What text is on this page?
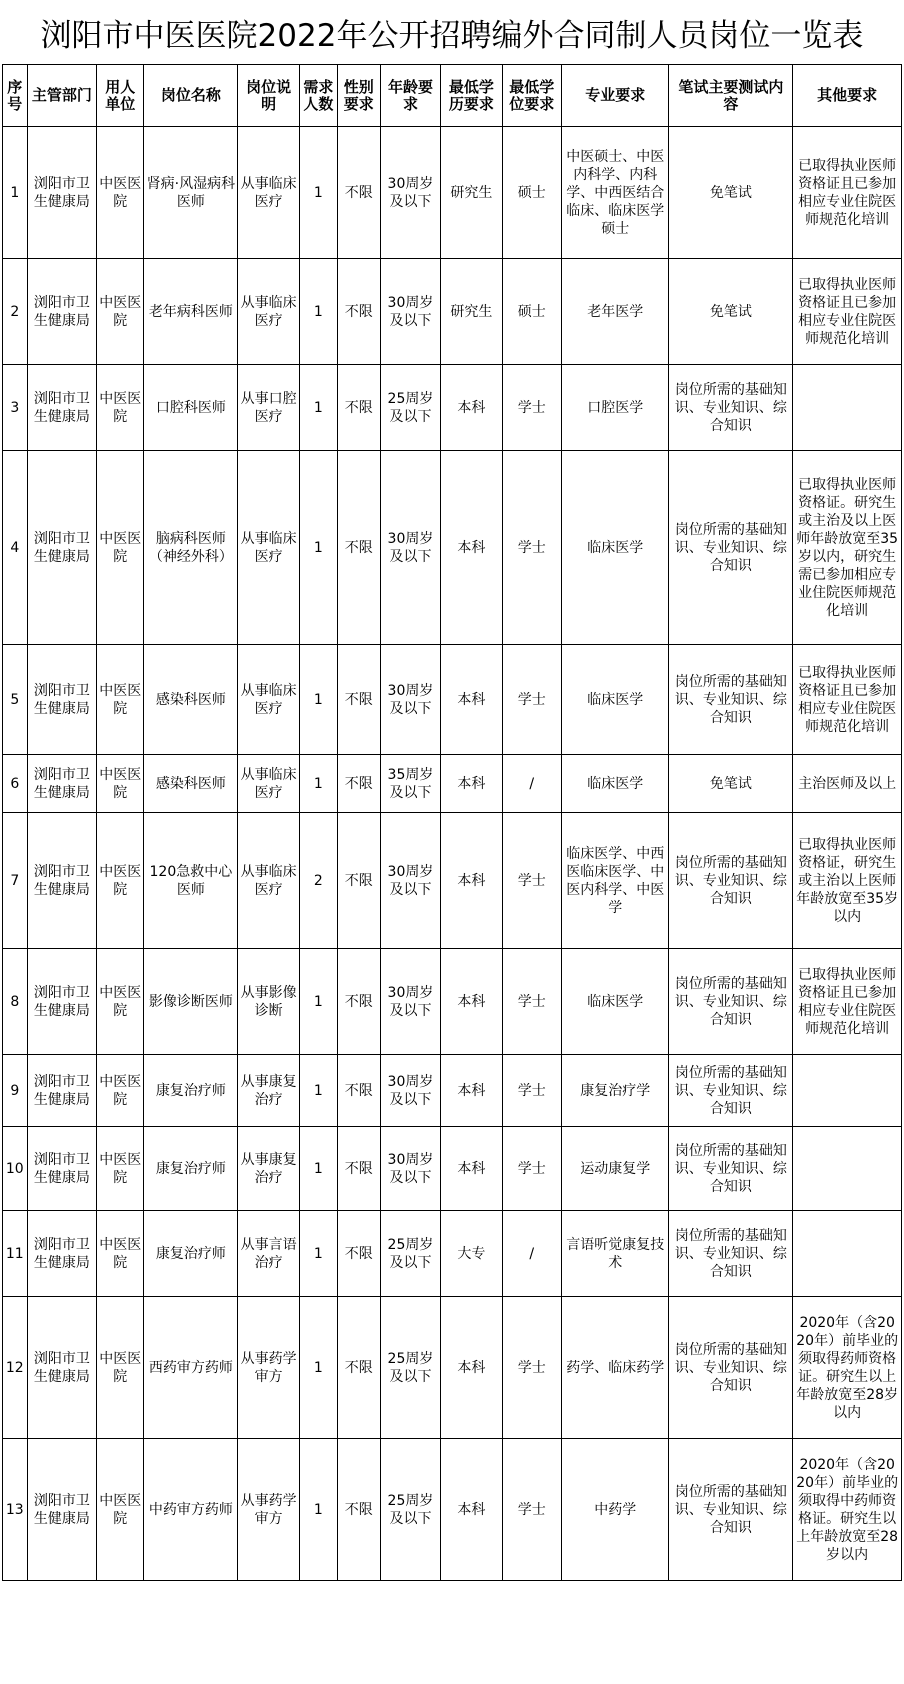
浏阳市中医医院2022年公开招聘编外合同制人员岗位一览表
序号	主管部门	用人单位	岗位名称	岗位说明	需求人数	性别要求	年龄要求	最低学历要求	最低学位要求	专业要求	笔试主要测试内容	其他要求
1	浏阳市卫生健康局	中医医院	肾病·风湿病科医师	从事临床医疗	1	不限	30周岁及以下	研究生	硕士	中医硕士、中医内科学、内科学、中西医结合临床、临床医学硕士	免笔试	已取得执业医师资格证且已参加相应专业住院医师规范化培训
2	浏阳市卫生健康局	中医医院	老年病科医师	从事临床医疗	1	不限	30周岁及以下	研究生	硕士	老年医学	免笔试	已取得执业医师资格证且已参加相应专业住院医师规范化培训
3	浏阳市卫生健康局	中医医院	口腔科医师	从事口腔医疗	1	不限	25周岁及以下	本科	学士	口腔医学	岗位所需的基础知识、专业知识、综合知识	
4	浏阳市卫生健康局	中医医院	脑病科医师（神经外科）	从事临床医疗	1	不限	30周岁及以下	本科	学士	临床医学	岗位所需的基础知识、专业知识、综合知识	已取得执业医师资格证。研究生或主治及以上医师年龄放宽至35岁以内，研究生需已参加相应专业住院医师规范化培训
5	浏阳市卫生健康局	中医医院	感染科医师	从事临床医疗	1	不限	30周岁及以下	本科	学士	临床医学	岗位所需的基础知识、专业知识、综合知识	已取得执业医师资格证且已参加相应专业住院医师规范化培训
6	浏阳市卫生健康局	中医医院	感染科医师	从事临床医疗	1	不限	35周岁及以下	本科	/	临床医学	免笔试	主治医师及以上
7	浏阳市卫生健康局	中医医院	120急救中心医师	从事临床医疗	2	不限	30周岁及以下	本科	学士	临床医学、中西医临床医学、中医内科学、中医学	岗位所需的基础知识、专业知识、综合知识	已取得执业医师资格证，研究生或主治以上医师年龄放宽至35岁以内
8	浏阳市卫生健康局	中医医院	影像诊断医师	从事影像诊断	1	不限	30周岁及以下	本科	学士	临床医学	岗位所需的基础知识、专业知识、综合知识	已取得执业医师资格证且已参加相应专业住院医师规范化培训
9	浏阳市卫生健康局	中医医院	康复治疗师	从事康复治疗	1	不限	30周岁及以下	本科	学士	康复治疗学	岗位所需的基础知识、专业知识、综合知识	
10	浏阳市卫生健康局	中医医院	康复治疗师	从事康复治疗	1	不限	30周岁及以下	本科	学士	运动康复学	岗位所需的基础知识、专业知识、综合知识	
11	浏阳市卫生健康局	中医医院	康复治疗师	从事言语治疗	1	不限	25周岁及以下	大专	/	言语听觉康复技术	岗位所需的基础知识、专业知识、综合知识	
12	浏阳市卫生健康局	中医医院	西药审方药师	从事药学审方	1	不限	25周岁及以下	本科	学士	药学、临床药学	岗位所需的基础知识、专业知识、综合知识	2020年（含2020年）前毕业的须取得药师资格证。研究生以上年龄放宽至28岁以内
13	浏阳市卫生健康局	中医医院	中药审方药师	从事药学审方	1	不限	25周岁及以下	本科	学士	中药学	岗位所需的基础知识、专业知识、综合知识	2020年（含2020年）前毕业的须取得中药师资格证。研究生以上年龄放宽至28岁以内
